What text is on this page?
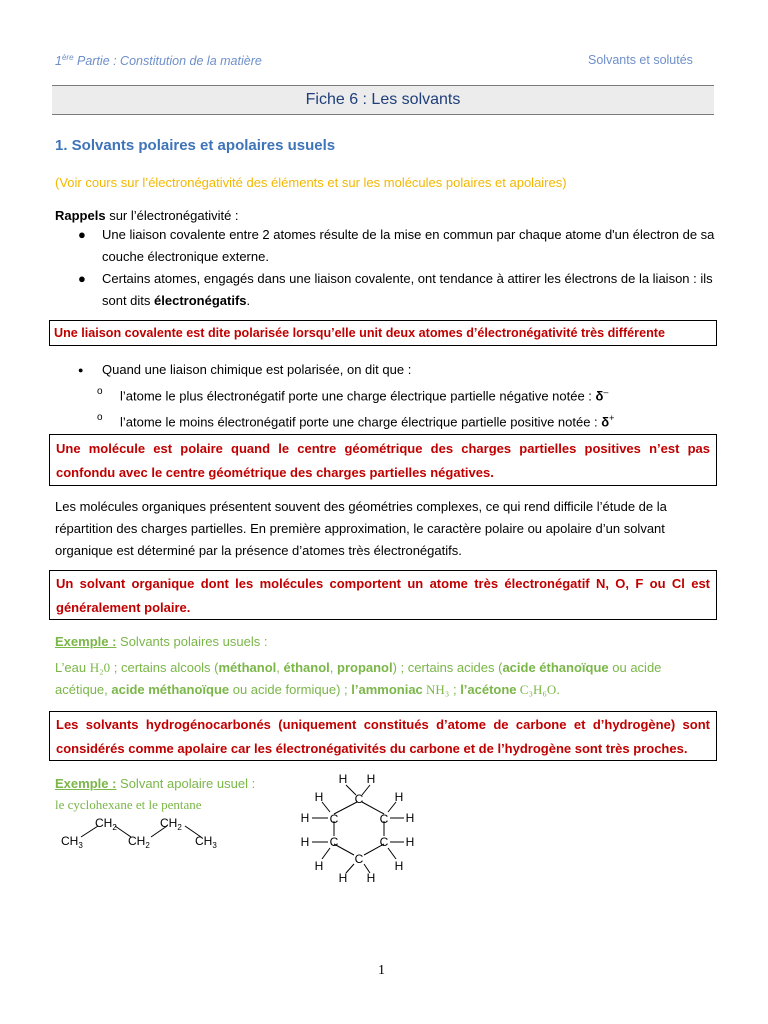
1ère Partie : Constitution de la matière	Solvants et solutés
Fiche 6 : Les solvants
1. Solvants polaires et apolaires usuels
(Voir cours sur l’électronégativité des éléments et sur les molécules polaires et apolaires)
Rappels sur l’électronégativité :
● Une liaison covalente entre 2 atomes résulte de la mise en commun par chaque atome d'un électron de sa couche électronique externe.
● Certains atomes, engagés dans une liaison covalente, ont tendance à attirer les électrons de la liaison : ils sont dits électronégatifs.
Une liaison covalente est dite polarisée lorsqu’elle unit deux atomes d’électronégativité très différente
● Quand une liaison chimique est polarisée, on dit que :
o l’atome le plus électronégatif porte une charge électrique partielle négative notée : δ–
o l’atome le moins électronégatif porte une charge électrique partielle positive notée : δ+
Une molécule est polaire quand le centre géométrique des charges partielles positives n’est pas confondu avec le centre géométrique des charges partielles négatives.
Les molécules organiques présentent souvent des géométries complexes, ce qui rend difficile l’étude de la répartition des charges partielles. En première approximation, le caractère polaire ou apolaire d’un solvant organique est déterminé par la présence d’atomes très électronégatifs.
Un solvant organique dont les molécules comportent un atome très électronégatif N, O, F ou Cl est généralement polaire.
Exemple : Solvants polaires usuels :
L’eau H₂0 ; certains alcools (méthanol, éthanol, propanol) ; certains acides (acide éthanoïque ou acide acétique, acide méthanoïque ou acide formique) ; l’ammoniac NH₃ ; l’acétone C₃H₆O.
Les solvants hydrogénocarbonés (uniquement constitués d’atome de carbone et d’hydrogène) sont considérés comme apolaire car les électronégativités du carbone et de l’hydrogène sont très proches.
Exemple : Solvant apolaire usuel :
le cyclohexane et le pentane
$CH_3$
$CH_2$
$CH_2$
$CH_2$
$CH_3$
C
C	C
C	C
C
H H
H	H
H	H
H	H
H	H
H H
1
